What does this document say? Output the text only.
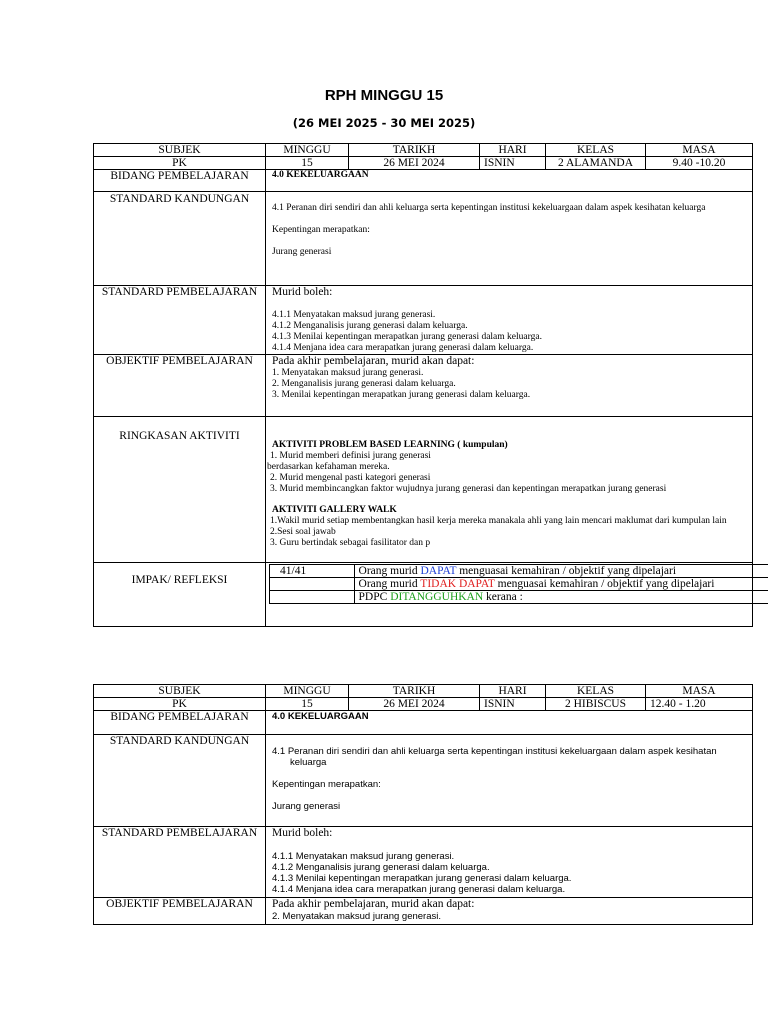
RPH MINGGU 15
(26 MEI 2025 - 30 MEI 2025)
SUBJEK	MINGGU	TARIKH	HARI	KELAS	MASA
PK	15	26 MEI 2024	ISNIN	2 ALAMANDA	9.40 -10.20
BIDANG PEMBELAJARAN	4.0 KEKELUARGAAN
STANDARD KANDUNGAN	

4.1 Peranan diri sendiri dan ahli keluarga serta kepentingan institusi kekeluargaan dalam aspek kesihatan keluarga

Kepentingan merapatkan:

Jurang generasi

STANDARD PEMBELAJARAN	Murid boleh:

4.1.1 Menyatakan maksud jurang generasi.

4.1.2 Menganalisis jurang generasi dalam keluarga.

4.1.3 Menilai kepentingan merapatkan jurang generasi dalam keluarga.

4.1.4 Menjana idea cara merapatkan jurang generasi dalam keluarga.

OBJEKTIF PEMBELAJARAN	Pada akhir pembelajaran, murid akan dapat:

1. Menyatakan maksud jurang generasi.

2. Menganalisis jurang generasi dalam keluarga.

3. Menilai kepentingan merapatkan jurang generasi dalam keluarga.

RINGKASAN AKTIVITI	

AKTIVITI PROBLEM BASED LEARNING ( kumpulan)

1. Murid memberi definisi jurang generasi

berdasarkan kefahaman mereka.

2. Murid mengenal pasti kategori generasi

3. Murid membincangkan faktor wujudnya jurang generasi dan kepentingan merapatkan jurang generasi

AKTIVITI GALLERY WALK

1.Wakil murid setiap membentangkan hasil kerja mereka manakala ahli yang lain mencari maklumat dari kumpulan lain

2.Sesi soal jawab

3. Guru bertindak sebagai fasilitator dan p

IMPAK/ REFLEKSI	
41/41	Orang murid DAPAT menguasai kemahiran / objektif yang dipelajari
	Orang murid TIDAK DAPAT menguasai kemahiran / objektif yang dipelajari
	PDPC DITANGGUHKAN kerana :
SUBJEK	MINGGU	TARIKH	HARI	KELAS	MASA
PK	15	26 MEI 2024	ISNIN	2 HIBISCUS	12.40 - 1.20
BIDANG PEMBELAJARAN	4.0 KEKELUARGAAN				
STANDARD KANDUNGAN	4.1 Peranan diri sendiri dan ahli keluarga serta kepentingan institusi kekeluargaan dalam aspek kesihatan keluarga

Kepentingan merapatkan:

Jurang generasi				

STANDARD PEMBELAJARAN	Murid boleh:

4.1.1 Menyatakan maksud jurang generasi.

4.1.2 Menganalisis jurang generasi dalam keluarga.

4.1.3 Menilai kepentingan merapatkan jurang generasi dalam keluarga.

4.1.4 Menjana idea cara merapatkan jurang generasi dalam keluarga.				

OBJEKTIF PEMBELAJARAN	Pada akhir pembelajaran, murid akan dapat:

2. Menyatakan maksud jurang generasi.				
